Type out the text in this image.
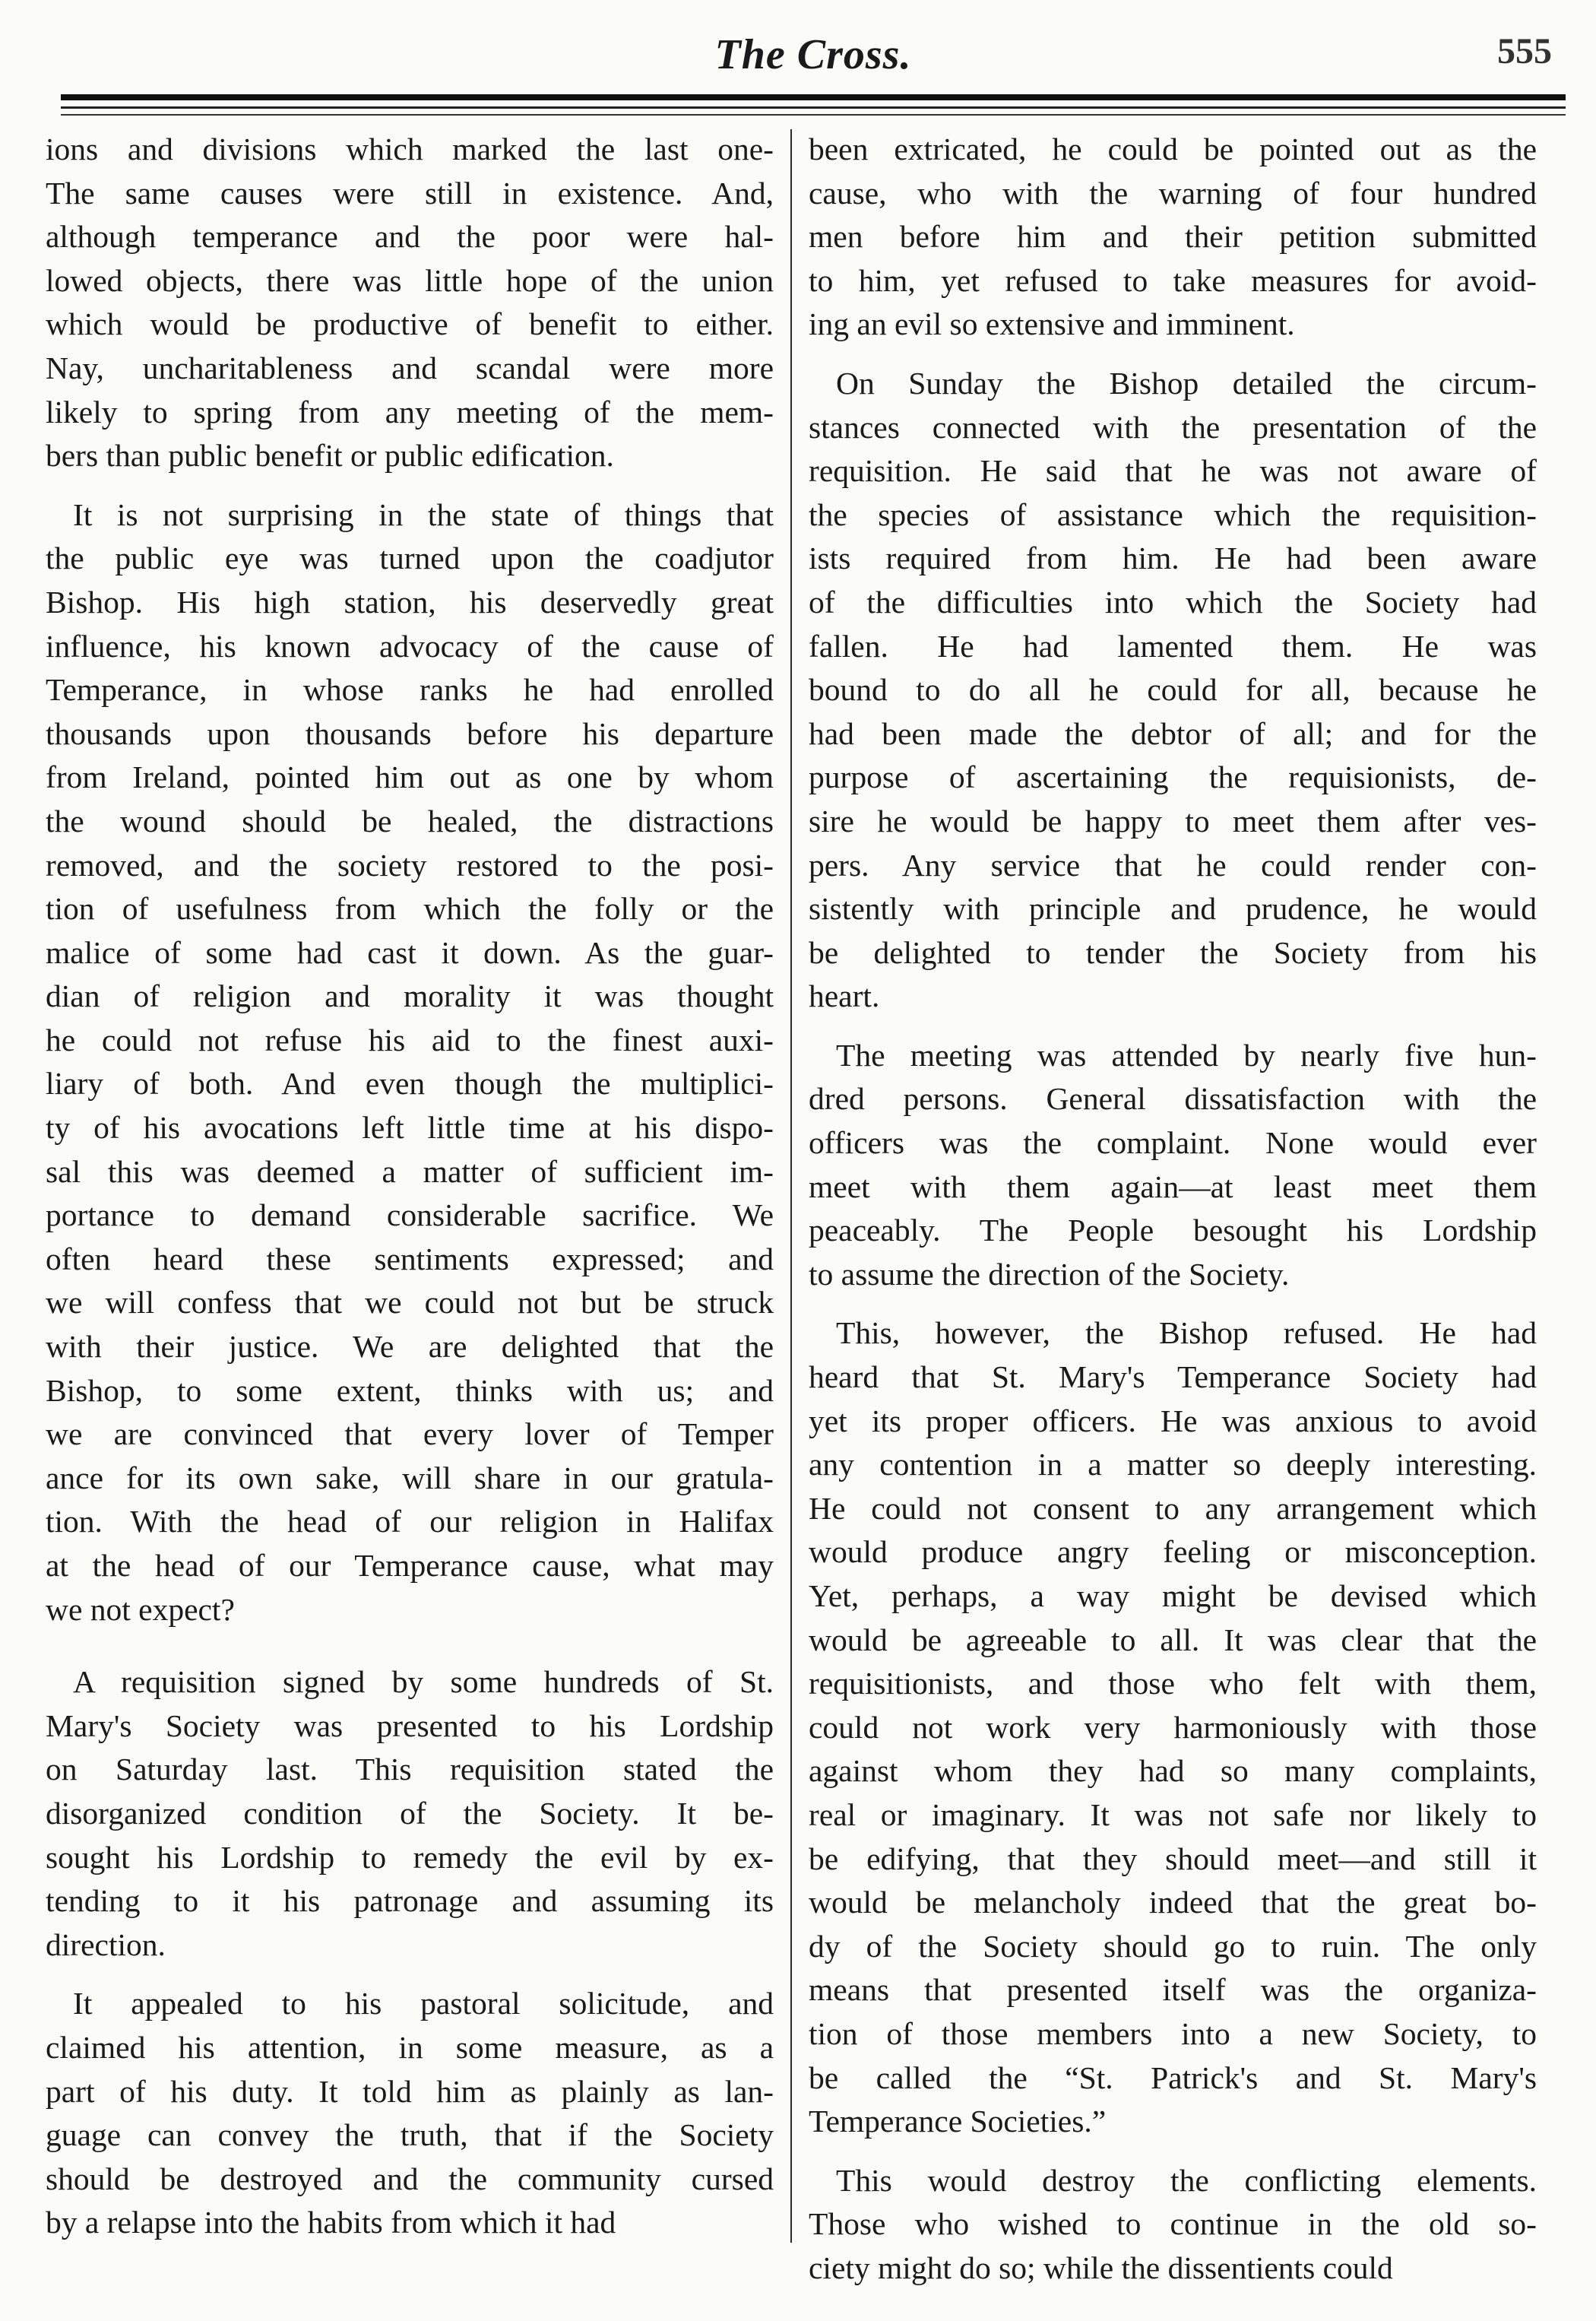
The Cross.	555

ions and divisions which marked the last one-
The same causes were still in existence. And,
although temperance and the poor were hal-
lowed objects, there was little hope of the union
which would be productive of benefit to either.
Nay, uncharitableness and scandal were more
likely to spring from any meeting of the mem-
bers than public benefit or public edification.

It is not surprising in the state of things that
the public eye was turned upon the coadjutor
Bishop. His high station, his deservedly great
influence, his known advocacy of the cause of
Temperance, in whose ranks he had enrolled
thousands upon thousands before his departure
from Ireland, pointed him out as one by whom
the wound should be healed, the distractions
removed, and the society restored to the posi-
tion of usefulness from which the folly or the
malice of some had cast it down. As the guar-
dian of religion and morality it was thought
he could not refuse his aid to the finest auxi-
liary of both. And even though the multiplici-
ty of his avocations left little time at his dispo-
sal this was deemed a matter of sufficient im-
portance to demand considerable sacrifice. We
often heard these sentiments expressed; and
we will confess that we could not but be struck
with their justice. We are delighted that the
Bishop, to some extent, thinks with us; and
we are convinced that every lover of Temper
ance for its own sake, will share in our gratula-
tion. With the head of our religion in Halifax
at the head of our Temperance cause, what may
we not expect?

A requisition signed by some hundreds of St.
Mary's Society was presented to his Lordship
on Saturday last. This requisition stated the
disorganized condition of the Society. It be-
sought his Lordship to remedy the evil by ex-
tending to it his patronage and assuming its
direction.

It appealed to his pastoral solicitude, and
claimed his attention, in some measure, as a
part of his duty. It told him as plainly as lan-
guage can convey the truth, that if the Society
should be destroyed and the community cursed
by a relapse into the habits from which it had

been extricated, he could be pointed out as the
cause, who with the warning of four hundred
men before him and their petition submitted
to him, yet refused to take measures for avoid-
ing an evil so extensive and imminent.

On Sunday the Bishop detailed the circum-
stances connected with the presentation of the
requisition. He said that he was not aware of
the species of assistance which the requisition-
ists required from him. He had been aware
of the difficulties into which the Society had
fallen. He had lamented them. He was
bound to do all he could for all, because he
had been made the debtor of all; and for the
purpose of ascertaining the requisionists, de-
sire he would be happy to meet them after ves-
pers. Any service that he could render con-
sistently with principle and prudence, he would
be delighted to tender the Society from his
heart.

The meeting was attended by nearly five hun-
dred persons. General dissatisfaction with the
officers was the complaint. None would ever
meet with them again—at least meet them
peaceably. The People besought his Lordship
to assume the direction of the Society.

This, however, the Bishop refused. He had
heard that St. Mary's Temperance Society had
yet its proper officers. He was anxious to avoid
any contention in a matter so deeply interesting.
He could not consent to any arrangement which
would produce angry feeling or misconception.
Yet, perhaps, a way might be devised which
would be agreeable to all. It was clear that the
requisitionists, and those who felt with them,
could not work very harmoniously with those
against whom they had so many complaints,
real or imaginary. It was not safe nor likely to
be edifying, that they should meet—and still it
would be melancholy indeed that the great bo-
dy of the Society should go to ruin. The only
means that presented itself was the organiza-
tion of those members into a new Society, to
be called the “St. Patrick's and St. Mary's
Temperance Societies.”

This would destroy the conflicting elements.
Those who wished to continue in the old so-
ciety might do so; while the dissentients could
